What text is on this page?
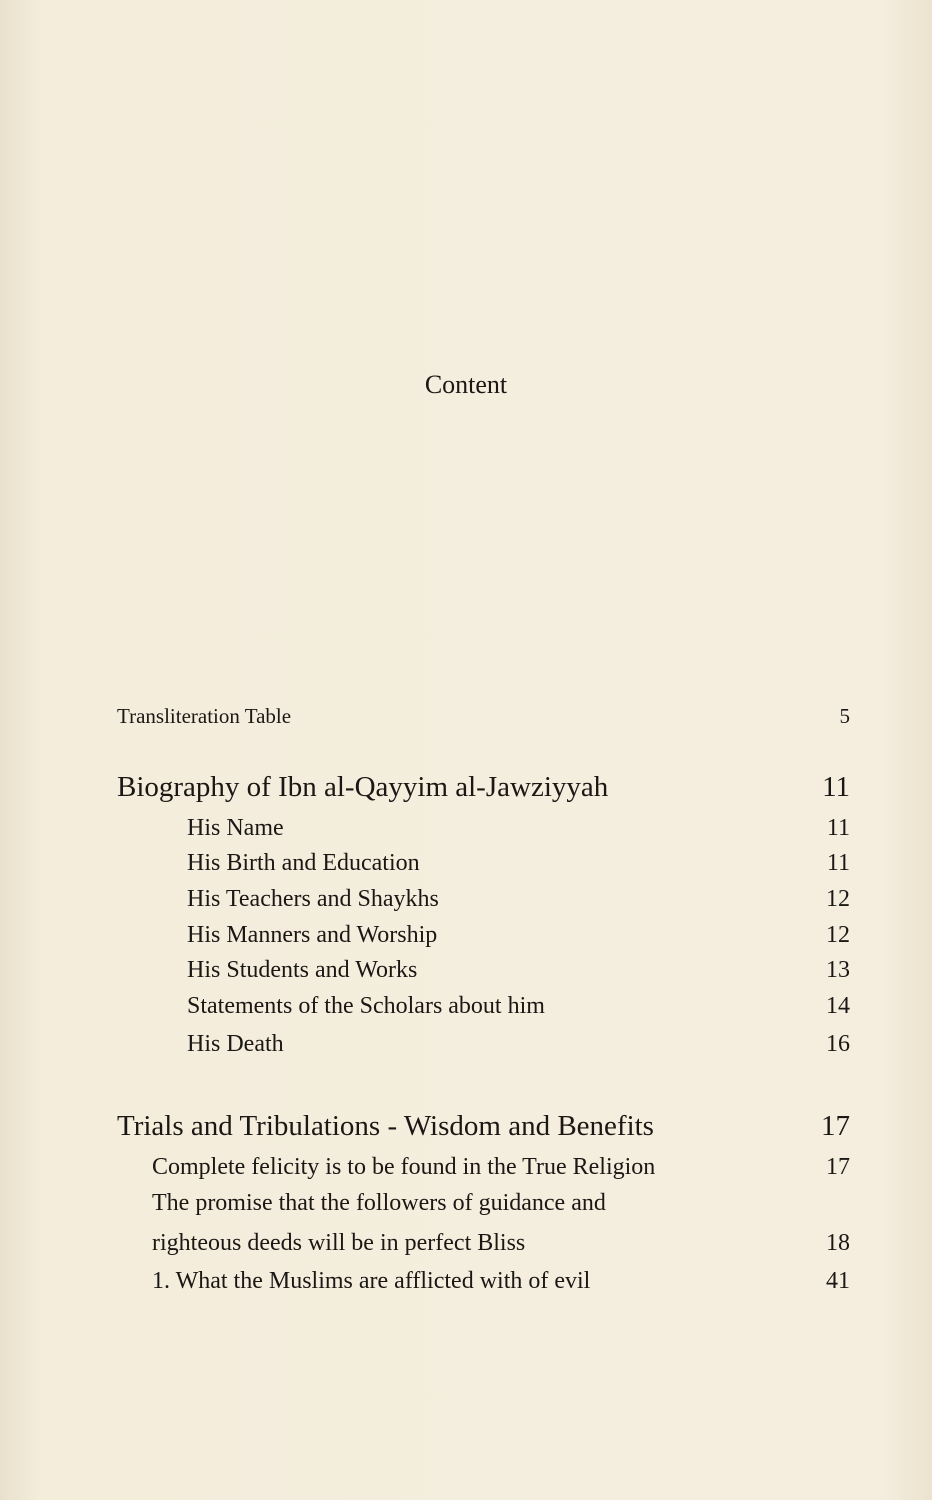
Content
Transliteration Table	5
Biography of Ibn al-Qayyim al-Jawziyyah	11
His Name	11
His Birth and Education	11
His Teachers and Shaykhs	12
His Manners and Worship	12
His Students and Works	13
Statements of the Scholars about him	14
His Death	16
Trials and Tribulations - Wisdom and Benefits	17
Complete felicity is to be found in the True Religion	17
The promise that the followers of guidance and
righteous deeds will be in perfect Bliss	18
1. What the Muslims are afflicted with of evil	41
